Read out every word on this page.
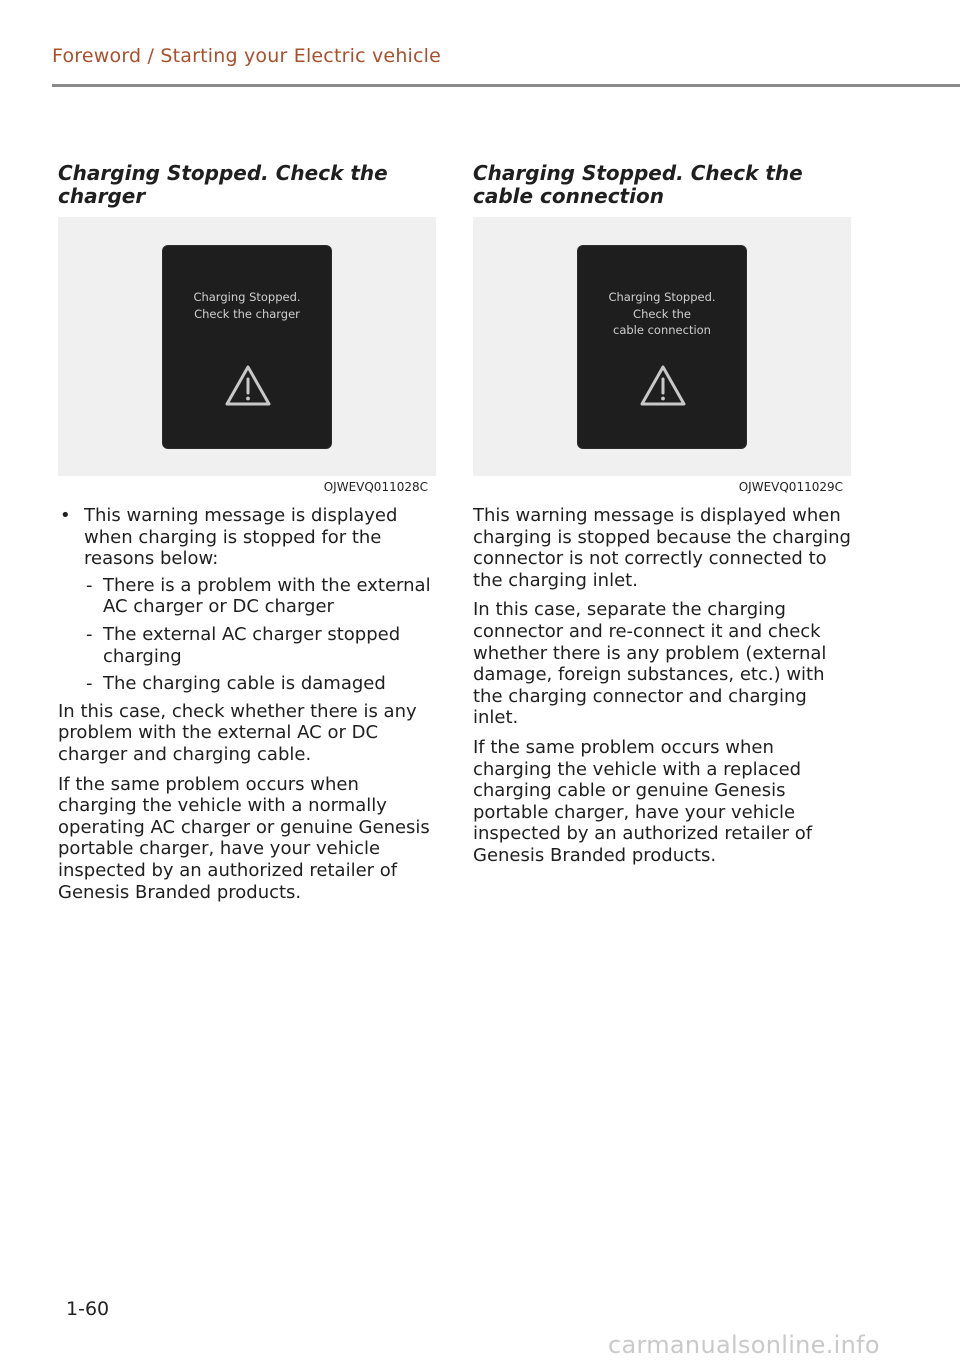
Foreword / Starting your Electric vehicle
Charging Stopped. Check the charger
Charging Stopped.
Check the charger
OJWEVQ011028C
• This warning message is displayed when charging is stopped for the reasons below:
- There is a problem with the external AC charger or DC charger
- The external AC charger stopped charging
- The charging cable is damaged

In this case, check whether there is any problem with the external AC or DC charger and charging cable.

If the same problem occurs when charging the vehicle with a normally operating AC charger or genuine Genesis portable charger, have your vehicle inspected by an authorized retailer of Genesis Branded products.

Charging Stopped. Check the cable connection
Charging Stopped.
Check the
cable connection
OJWEVQ011029C

This warning message is displayed when charging is stopped because the charging connector is not correctly connected to the charging inlet.

In this case, separate the charging connector and re-connect it and check whether there is any problem (external damage, foreign substances, etc.) with the charging connector and charging inlet.

If the same problem occurs when charging the vehicle with a replaced charging cable or genuine Genesis portable charger, have your vehicle inspected by an authorized retailer of Genesis Branded products.

1-60
carmanualsonline.info
